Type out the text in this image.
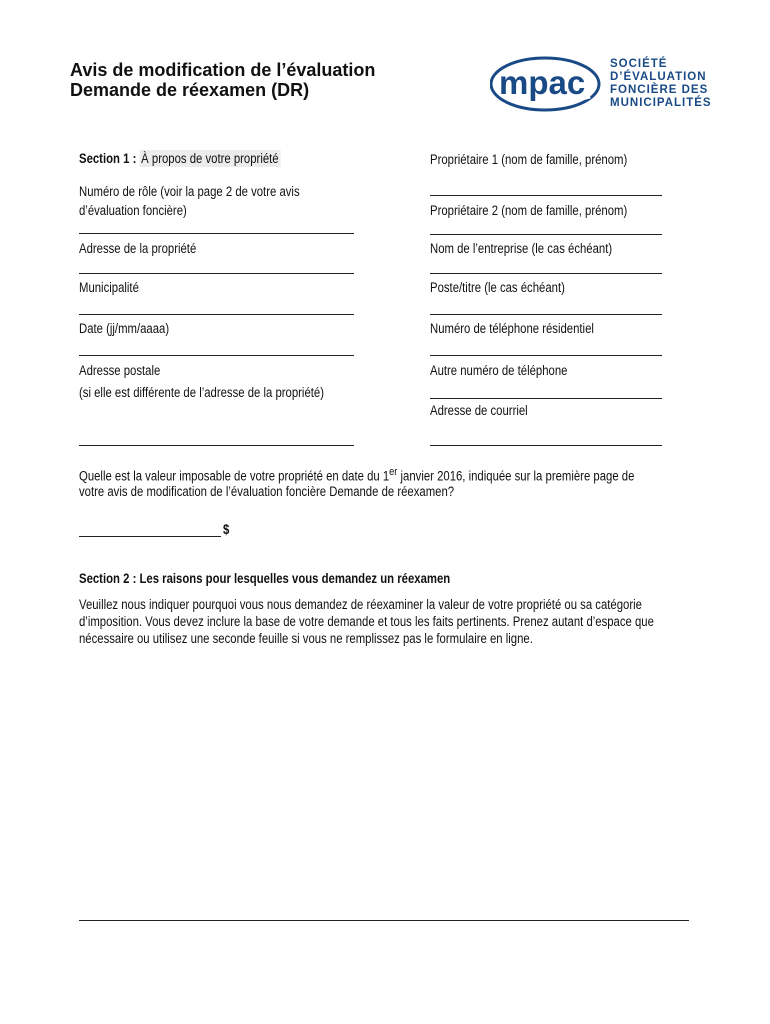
Avis de modification de l’évaluation
Demande de réexamen (DR)	mpac SOCIÉTÉ
D’ÉVALUATION
FONCIÈRE DES
MUNICIPALITÉS
Section 1 : À propos de votre propriété
Numéro de rôle (voir la page 2 de votre avis
d’évaluation foncière)
Adresse de la propriété
Municipalité
Date (jj/mm/aaaa)
Adresse postale
(si elle est différente de l’adresse de la propriété)
Propriétaire 1 (nom de famille, prénom)
Propriétaire 2 (nom de famille, prénom)
Nom de l’entreprise (le cas échéant)
Poste/titre (le cas échéant)
Numéro de téléphone résidentiel
Autre numéro de téléphone
Adresse de courriel
Quelle est la valeur imposable de votre propriété en date du 1er janvier 2016, indiquée sur la première page de
votre avis de modification de l’évaluation foncière Demande de réexamen?
$
Section 2 : Les raisons pour lesquelles vous demandez un réexamen
Veuillez nous indiquer pourquoi vous nous demandez de réexaminer la valeur de votre propriété ou sa catégorie
d’imposition. Vous devez inclure la base de votre demande et tous les faits pertinents. Prenez autant d’espace que
nécessaire ou utilisez une seconde feuille si vous ne remplissez pas le formulaire en ligne.
